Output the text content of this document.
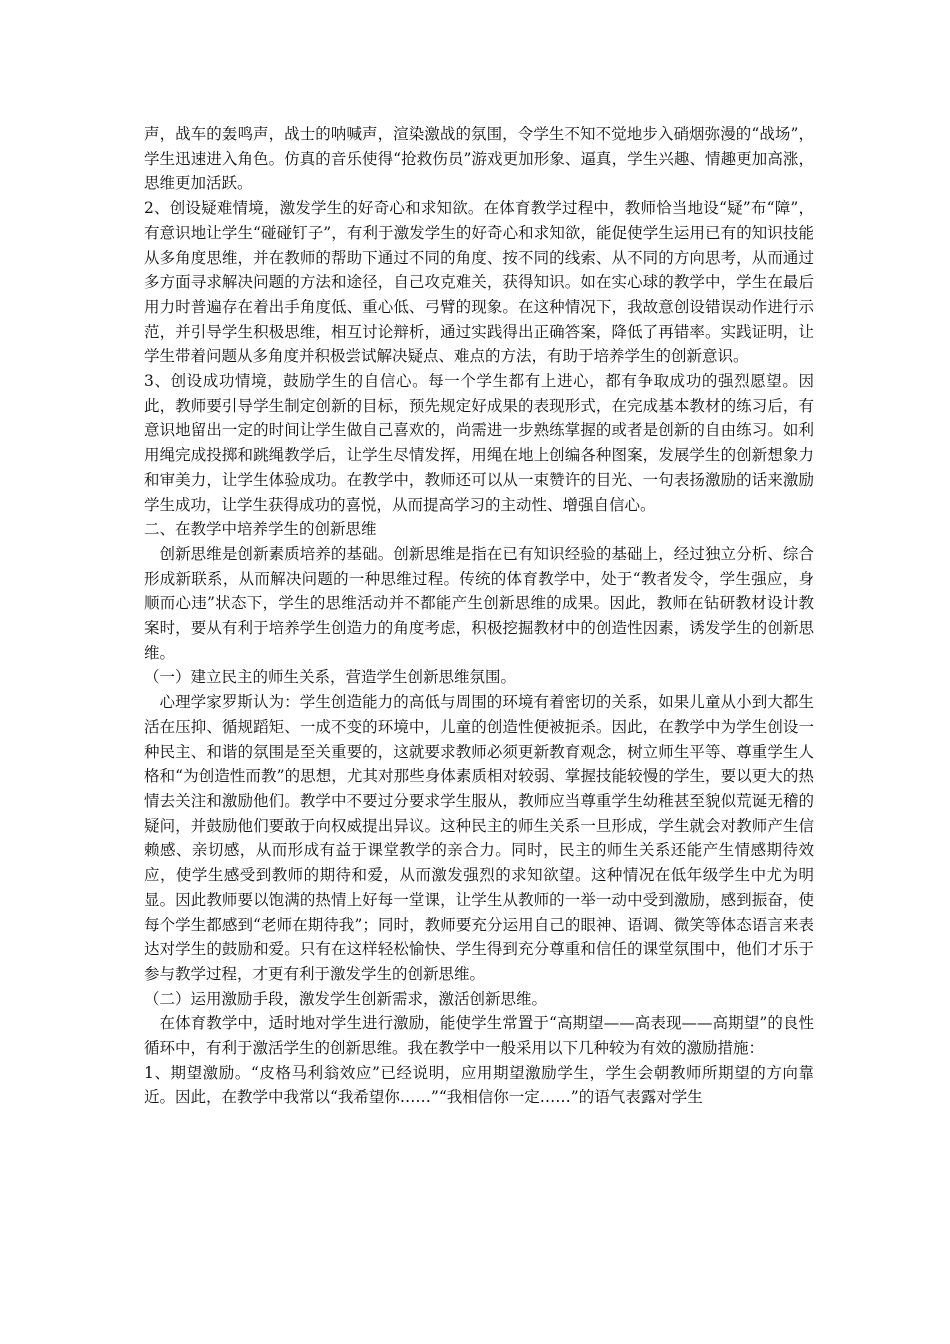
声，战车的轰鸣声，战士的呐喊声，渲染激战的氛围，令学生不知不觉地步入硝烟弥漫的“战场”，学生迅速进入角色。仿真的音乐使得“抢救伤员”游戏更加形象、逼真，学生兴趣、情趣更加高涨，思维更加活跃。

2、创设疑难情境，激发学生的好奇心和求知欲。在体育教学过程中，教师恰当地设“疑”布“障”，有意识地让学生“碰碰钉子”，有利于激发学生的好奇心和求知欲，能促使学生运用已有的知识技能从多角度思维，并在教师的帮助下通过不同的角度、按不同的线索、从不同的方向思考，从而通过多方面寻求解决问题的方法和途径，自己攻克难关，获得知识。如在实心球的教学中，学生在最后用力时普遍存在着出手角度低、重心低、弓臂的现象。在这种情况下，我故意创设错误动作进行示范，并引导学生积极思维，相互讨论辩析，通过实践得出正确答案，降低了再错率。实践证明，让学生带着问题从多角度并积极尝试解决疑点、难点的方法，有助于培养学生的创新意识。

3、创设成功情境，鼓励学生的自信心。每一个学生都有上进心，都有争取成功的强烈愿望。因此，教师要引导学生制定创新的目标，预先规定好成果的表现形式，在完成基本教材的练习后，有意识地留出一定的时间让学生做自己喜欢的，尚需进一步熟练掌握的或者是创新的自由练习。如利用绳完成投掷和跳绳教学后，让学生尽情发挥，用绳在地上创编各种图案，发展学生的创新想象力和审美力，让学生体验成功。在教学中，教师还可以从一束赞许的目光、一句表扬激励的话来激励学生成功，让学生获得成功的喜悦，从而提高学习的主动性、增强自信心。

二、在教学中培养学生的创新思维

创新思维是创新素质培养的基础。创新思维是指在已有知识经验的基础上，经过独立分析、综合形成新联系，从而解决问题的一种思维过程。传统的体育教学中，处于“教者发令，学生强应，身顺而心违”状态下，学生的思维活动并不都能产生创新思维的成果。因此，教师在钻研教材设计教案时，要从有利于培养学生创造力的角度考虑，积极挖掘教材中的创造性因素，诱发学生的创新思维。

（一）建立民主的师生关系，营造学生创新思维氛围。

心理学家罗斯认为：学生创造能力的高低与周围的环境有着密切的关系，如果儿童从小到大都生活在压抑、循规蹈矩、一成不变的环境中，儿童的创造性便被扼杀。因此，在教学中为学生创设一种民主、和谐的氛围是至关重要的，这就要求教师必须更新教育观念，树立师生平等、尊重学生人格和“为创造性而教”的思想，尤其对那些身体素质相对较弱、掌握技能较慢的学生，要以更大的热情去关注和激励他们。教学中不要过分要求学生服从，教师应当尊重学生幼稚甚至貌似荒诞无稽的疑问，并鼓励他们要敢于向权威提出异议。这种民主的师生关系一旦形成，学生就会对教师产生信赖感、亲切感，从而形成有益于课堂教学的亲合力。同时，民主的师生关系还能产生情感期待效应，使学生感受到教师的期待和爱，从而激发强烈的求知欲望。这种情况在低年级学生中尤为明显。因此教师要以饱满的热情上好每一堂课，让学生从教师的一举一动中受到激励，感到振奋，使每个学生都感到“老师在期待我”；同时，教师要充分运用自己的眼神、语调、微笑等体态语言来表达对学生的鼓励和爱。只有在这样轻松愉快、学生得到充分尊重和信任的课堂氛围中，他们才乐于参与教学过程，才更有利于激发学生的创新思维。

（二）运用激励手段，激发学生创新需求，激活创新思维。

在体育教学中，适时地对学生进行激励，能使学生常置于“高期望——高表现——高期望”的良性循环中，有利于激活学生的创新思维。我在教学中一般采用以下几种较为有效的激励措施：

1、期望激励。“皮格马利翁效应”已经说明，应用期望激励学生，学生会朝教师所期望的方向靠近。因此，在教学中我常以“我希望你……”“我相信你一定……”的语气表露对学生
